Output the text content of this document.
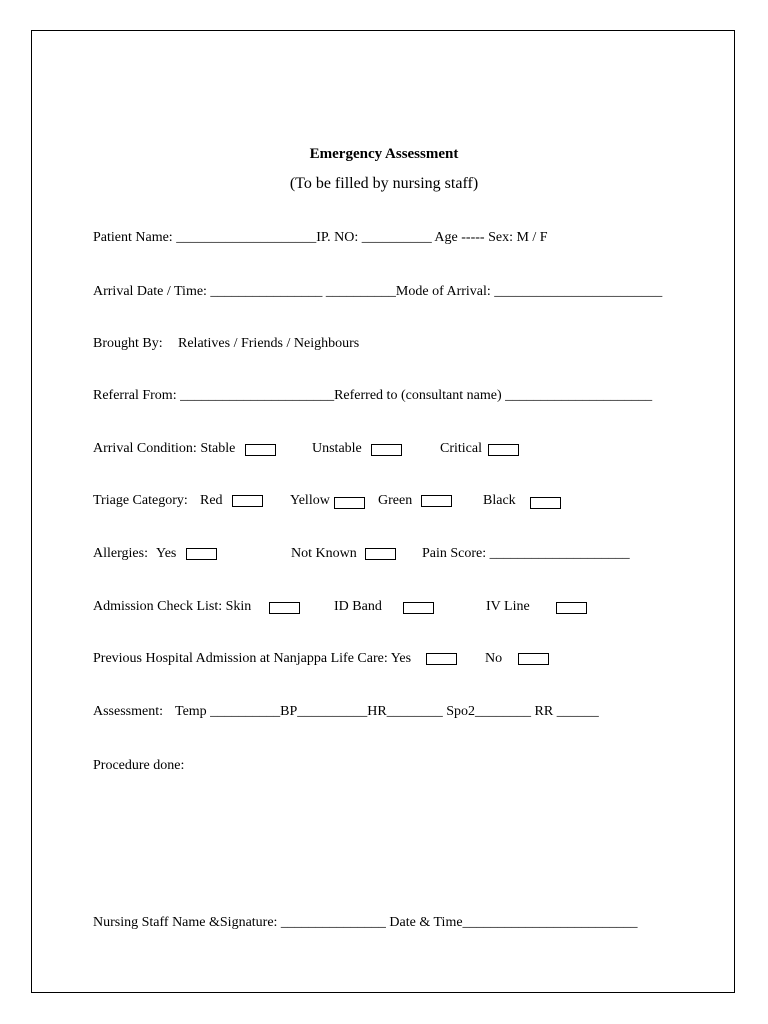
Emergency Assessment
(To be filled by nursing staff)
Patient Name: ____________________IP. NO: __________ Age ----- Sex: M / F
Arrival Date / Time: ________________ __________Mode of Arrival: ________________________
Brought By: Relatives / Friends / Neighbours
Referral From: ______________________Referred to (consultant name) _____________________
Arrival Condition: Stable	Unstable	Critical
Triage Category: Red	Yellow	Green	Black
Allergies: Yes	Not Known	Pain Score: ____________________
Admission Check List: Skin	ID Band	IV Line
Previous Hospital Admission at Nanjappa Life Care: Yes	No
Assessment: Temp __________BP__________HR________ Spo2________ RR ______
Procedure done:
Nursing Staff Name &Signature: _______________ Date & Time_________________________
